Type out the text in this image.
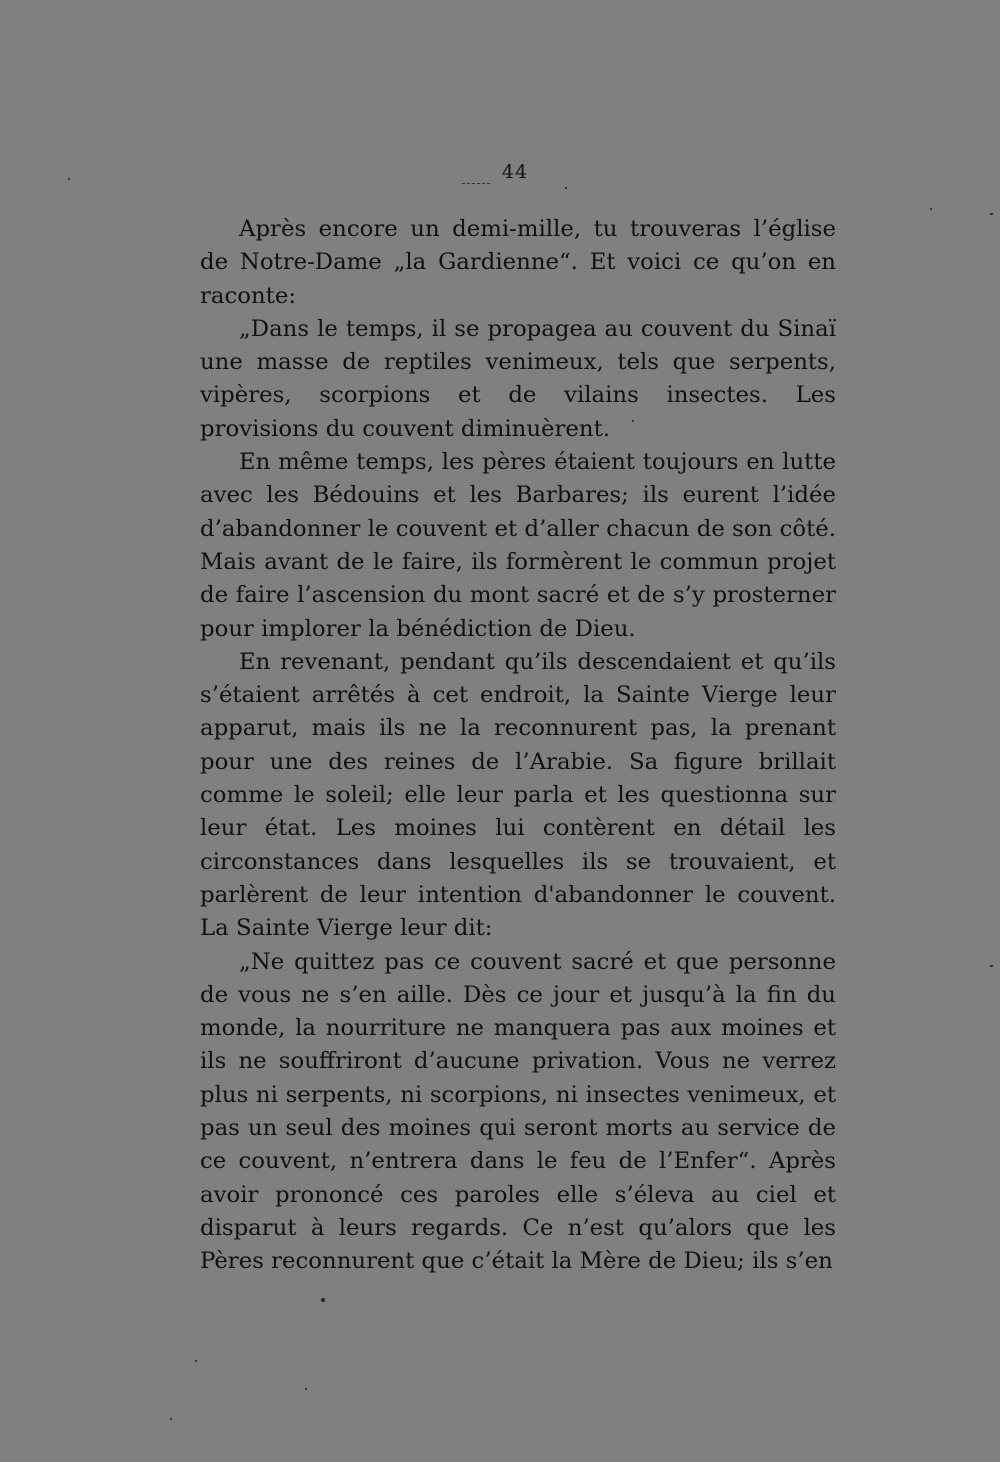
44

Après encore un demi-mille, tu trouveras l’église de Notre-Dame „la Gardienne“. Et voici ce qu’on en raconte:

„Dans le temps, il se propagea au couvent du Sinaï une masse de reptiles venimeux, tels que serpents, vipères, scorpions et de vilains insectes. Les provisions du couvent diminuèrent.

En même temps, les pères étaient toujours en lutte avec les Bédouins et les Barbares; ils eurent l’idée d’abandonner le couvent et d’aller chacun de son côté. Mais avant de le faire, ils formèrent le commun projet de faire l’ascension du mont sacré et de s’y prosterner pour implorer la bénédiction de Dieu.

En revenant, pendant qu’ils descendaient et qu’ils s’étaient arrêtés à cet endroit, la Sainte Vierge leur apparut, mais ils ne la reconnurent pas, la prenant pour une des reines de l’Arabie. Sa figure brillait comme le soleil; elle leur parla et les questionna sur leur état. Les moines lui contèrent en détail les circonstances dans lesquelles ils se trouvaient, et parlèrent de leur intention d'abandonner le couvent. La Sainte Vierge leur dit:

„Ne quittez pas ce couvent sacré et que personne de vous ne s’en aille. Dès ce jour et jusqu’à la fin du monde, la nourriture ne manquera pas aux moines et ils ne souffriront d’aucune privation. Vous ne verrez plus ni serpents, ni scorpions, ni insectes venimeux, et pas un seul des moines qui seront morts au service de ce couvent, n’entrera dans le feu de l’Enfer“. Après avoir prononcé ces paroles elle s’éleva au ciel et disparut à leurs regards. Ce n’est qu’alors que les Pères reconnurent que c’était la Mère de Dieu; ils s’en
